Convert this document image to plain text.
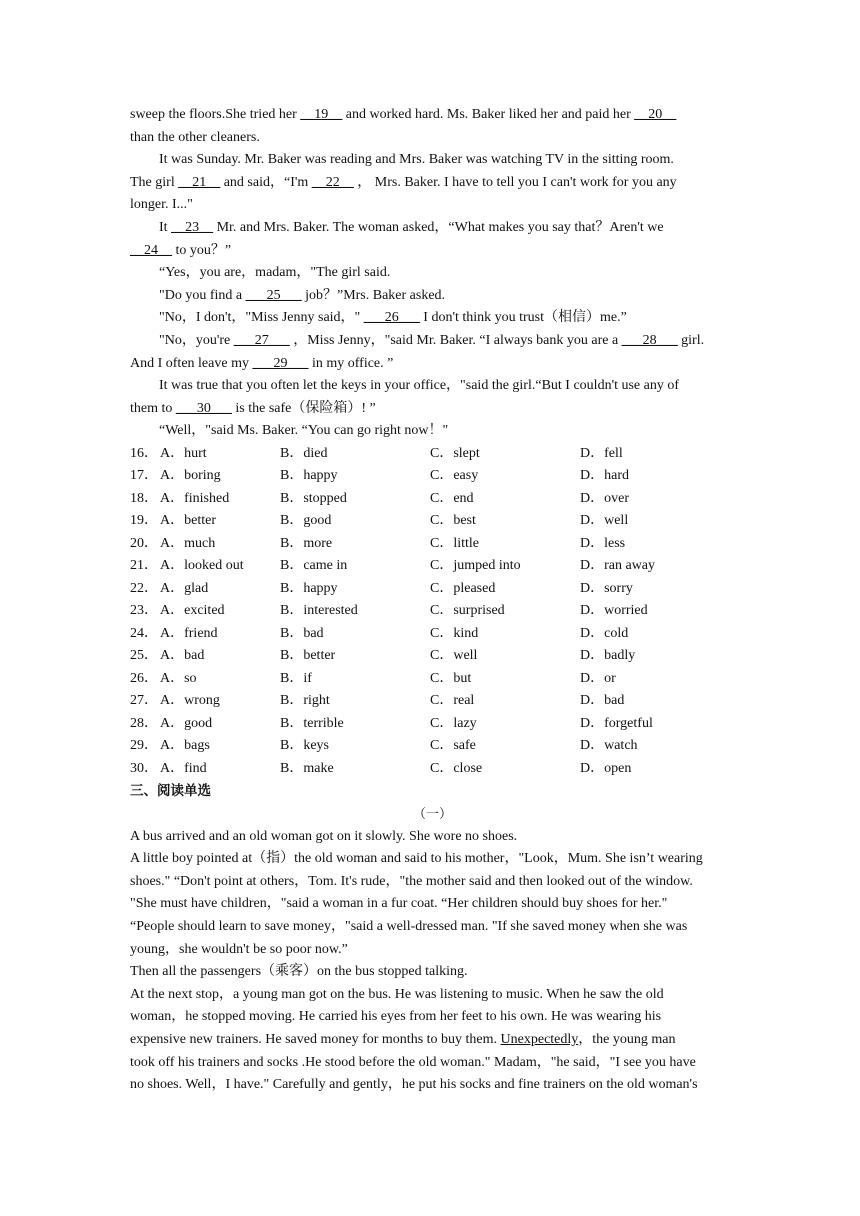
sweep the floors.She tried her __19__ and worked hard. Ms. Baker liked her and paid her __20__
than the other cleaners.
It was Sunday. Mr. Baker was reading and Mrs. Baker was watching TV in the sitting room.
The girl __21__ and said，“I'm __22__ ， Mrs. Baker. I have to tell you I can't work for you any
longer. I..."
It __23__ Mr. and Mrs. Baker. The woman asked，“What makes you say that？Aren't we
__24__ to you？”
“Yes，you are，madam，"The girl said.
"Do you find a ___25___ job？”Mrs. Baker asked.
"No，I don't，"Miss Jenny said，" ___26___ I don't think you trust（相信）me.”
"No，you're ___27___ ，Miss Jenny，"said Mr. Baker. “I always bank you are a ___28___ girl.
And I often leave my ___29___ in my office. ”
It was true that you often let the keys in your office，"said the girl.“But I couldn't use any of
them to ___30___ is the safe（保险箱）! ”
“Well，"said Ms. Baker. “You can go right now！"
16． A．hurt	B．died	C．slept	D．fell
17． A．boring	B．happy	C．easy	D．hard
18． A．finished	B．stopped	C．end	D．over
19． A．better	B．good	C．best	D．well
20． A．much	B．more	C．little	D．less
21． A．looked out	B．came in	C．jumped into	D．ran away
22． A．glad	B．happy	C．pleased	D．sorry
23． A．excited	B．interested	C．surprised	D．worried
24． A．friend	B．bad	C．kind	D．cold
25． A．bad	B．better	C．well	D．badly
26． A．so	B．if	C．but	D．or
27． A．wrong	B．right	C．real	D．bad
28． A．good	B．terrible	C．lazy	D．forgetful
29． A．bags	B．keys	C．safe	D．watch
30． A．find	B．make	C．close	D．open
三、阅读单选
（一）
A bus arrived and an old woman got on it slowly. She wore no shoes.
A little boy pointed at（指）the old woman and said to his mother，"Look，Mum. She isn’t wearing
shoes." “Don't point at others，Tom. It's rude，"the mother said and then looked out of the window.
"She must have children，"said a woman in a fur coat. “Her children should buy shoes for her."
“People should learn to save money，"said a well-dressed man. "If she saved money when she was
young，she wouldn't be so poor now.”
Then all the passengers（乘客）on the bus stopped talking.
At the next stop，a young man got on the bus. He was listening to music. When he saw the old
woman，he stopped moving. He carried his eyes from her feet to his own. He was wearing his
expensive new trainers. He saved money for months to buy them. Unexpectedly，the young man
took off his trainers and socks .He stood before the old woman." Madam，"he said，"I see you have
no shoes. Well，I have." Carefully and gently，he put his socks and fine trainers on the old woman's
